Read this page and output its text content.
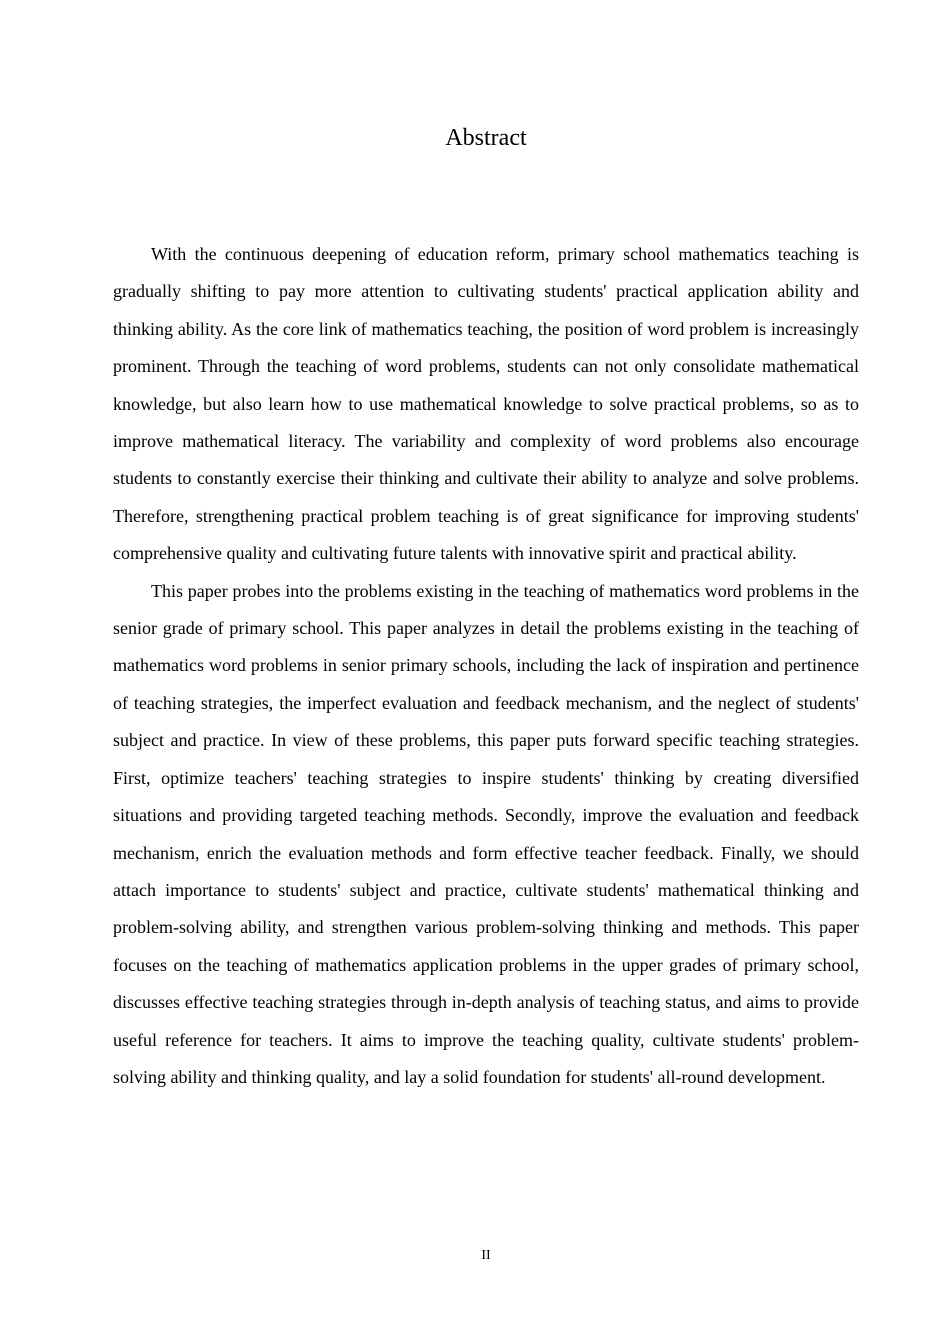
Abstract

With the continuous deepening of education reform, primary school mathematics teaching is gradually shifting to pay more attention to cultivating students' practical application ability and thinking ability. As the core link of mathematics teaching, the position of word problem is increasingly prominent. Through the teaching of word problems, students can not only consolidate mathematical knowledge, but also learn how to use mathematical knowledge to solve practical problems, so as to improve mathematical literacy. The variability and complexity of word problems also encourage students to constantly exercise their thinking and cultivate their ability to analyze and solve problems. Therefore, strengthening practical problem teaching is of great significance for improving students' comprehensive quality and cultivating future talents with innovative spirit and practical ability.

This paper probes into the problems existing in the teaching of mathematics word problems in the senior grade of primary school. This paper analyzes in detail the problems existing in the teaching of mathematics word problems in senior primary schools, including the lack of inspiration and pertinence of teaching strategies, the imperfect evaluation and feedback mechanism, and the neglect of students' subject and practice. In view of these problems, this paper puts forward specific teaching strategies. First, optimize teachers' teaching strategies to inspire students' thinking by creating diversified situations and providing targeted teaching methods. Secondly, improve the evaluation and feedback mechanism, enrich the evaluation methods and form effective teacher feedback. Finally, we should attach importance to students' subject and practice, cultivate students' mathematical thinking and problem-solving ability, and strengthen various problem-solving thinking and methods. This paper focuses on the teaching of mathematics application problems in the upper grades of primary school, discusses effective teaching strategies through in-depth analysis of teaching status, and aims to provide useful reference for teachers. It aims to improve the teaching quality, cultivate students' problem-solving ability and thinking quality, and lay a solid foundation for students' all-round development.

II
